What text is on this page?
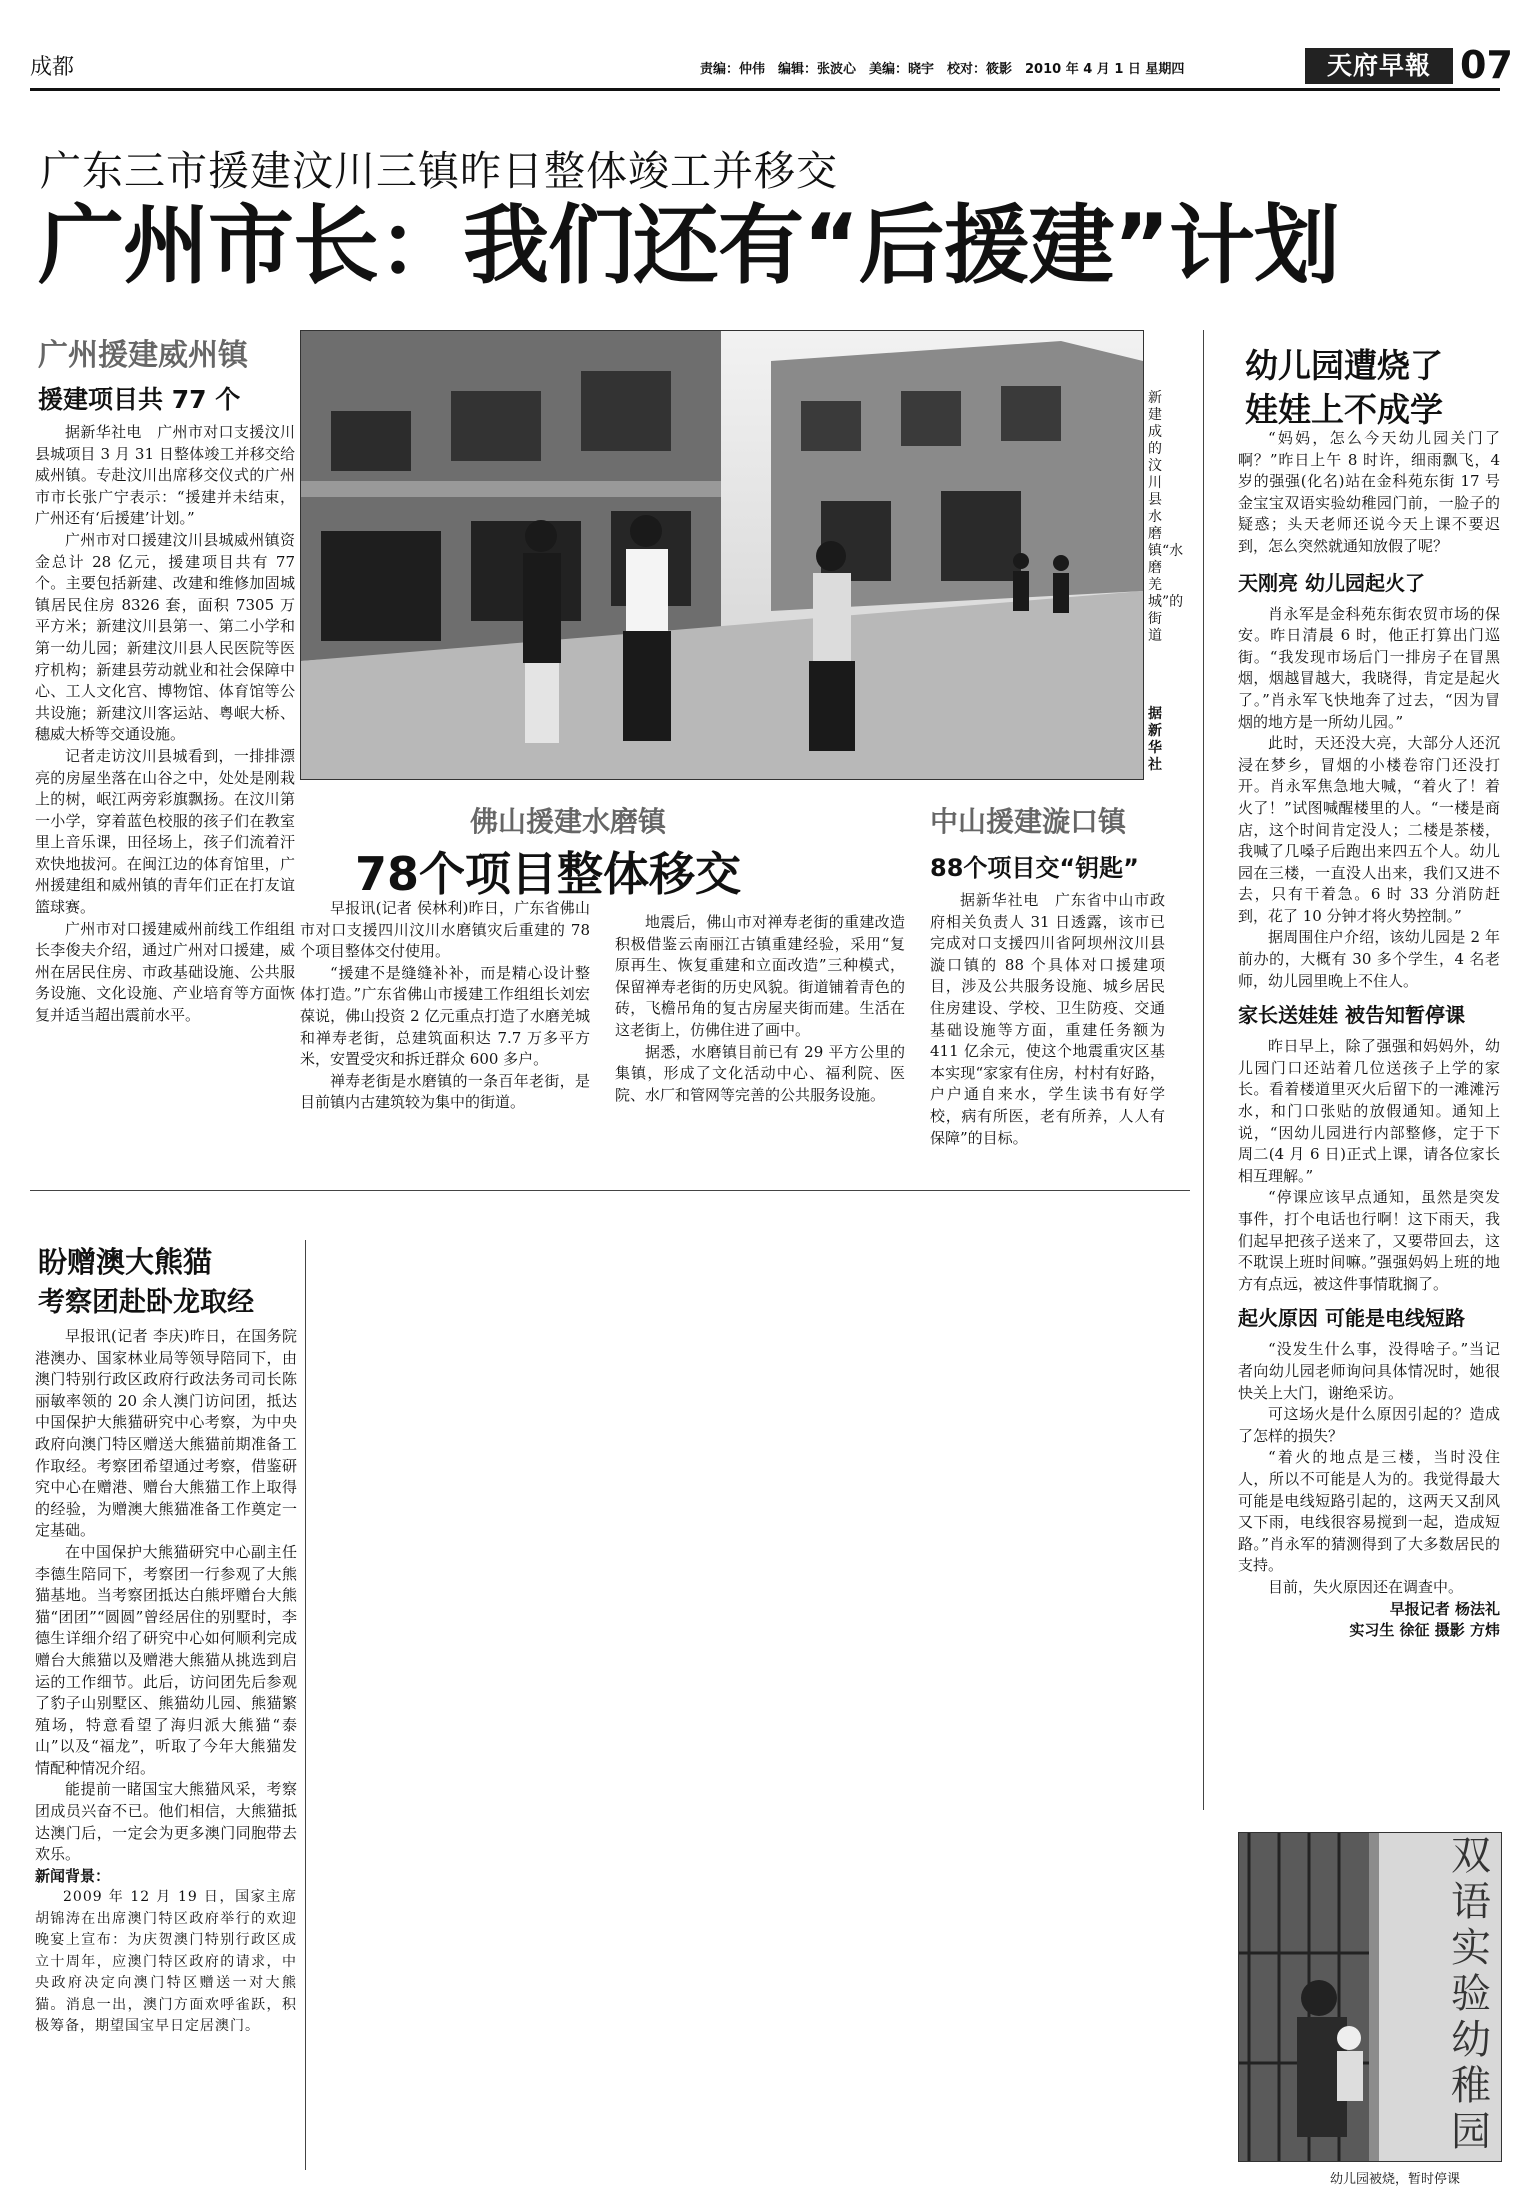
成都	责编：仲伟　编辑：张波心　美编：晓宇　校对：筱影　2010 年 4 月 1 日 星期四	天府早報 07
广东三市援建汶川三镇昨日整体竣工并移交
广州市长：我们还有“后援建”计划
广州援建威州镇
援建项目共 77 个

据新华社电　广州市对口支援汶川县城项目 3 月 31 日整体竣工并移交给威州镇。专赴汶川出席移交仪式的广州市市长张广宁表示：“援建并未结束，广州还有‘后援建’计划。”

广州市对口援建汶川县城威州镇资金总计 28 亿元，援建项目共有 77 个。主要包括新建、改建和维修加固城镇居民住房 8326 套，面积 7305 万平方米；新建汶川县第一、第二小学和第一幼儿园；新建汶川县人民医院等医疗机构；新建县劳动就业和社会保障中心、工人文化宫、博物馆、体育馆等公共设施；新建汶川客运站、粤岷大桥、穗威大桥等交通设施。

记者走访汶川县城看到，一排排漂亮的房屋坐落在山谷之中，处处是刚栽上的树，岷江两旁彩旗飘扬。在汶川第一小学，穿着蓝色校服的孩子们在教室里上音乐课，田径场上，孩子们流着汗欢快地拔河。在闽江边的体育馆里，广州援建组和威州镇的青年们正在打友谊篮球赛。

广州市对口援建威州前线工作组组长李俊夫介绍，通过广州对口援建，威州在居民住房、市政基础设施、公共服务设施、文化设施、产业培育等方面恢复并适当超出震前水平。

新建成的汶川县水磨镇“水磨羌城”的街道
据新华社
佛山援建水磨镇
78个项目整体移交

早报讯(记者 侯林利)昨日，广东省佛山市对口支援四川汶川水磨镇灾后重建的 78 个项目整体交付使用。

“援建不是缝缝补补，而是精心设计整体打造。”广东省佛山市援建工作组组长刘宏葆说，佛山投资 2 亿元重点打造了水磨羌城和禅寿老街，总建筑面积达 7.7 万多平方米，安置受灾和拆迁群众 600 多户。

禅寿老街是水磨镇的一条百年老街，是目前镇内古建筑较为集中的街道。

地震后，佛山市对禅寿老街的重建改造积极借鉴云南丽江古镇重建经验，采用“复原再生、恢复重建和立面改造”三种模式，保留禅寿老街的历史风貌。街道铺着青色的砖，飞檐吊角的复古房屋夹街而建。生活在这老街上，仿佛住进了画中。

据悉，水磨镇目前已有 29 平方公里的集镇，形成了文化活动中心、福利院、医院、水厂和管网等完善的公共服务设施。

中山援建漩口镇
88个项目交“钥匙”

据新华社电　广东省中山市政府相关负责人 31 日透露，该市已完成对口支援四川省阿坝州汶川县漩口镇的 88 个具体对口援建项目，涉及公共服务设施、城乡居民住房建设、学校、卫生防疫、交通基础设施等方面，重建任务额为 411 亿余元，使这个地震重灾区基本实现“家家有住房，村村有好路，户户通自来水，学生读书有好学校，病有所医，老有所养，人人有保障”的目标。

盼赠澳大熊猫
考察团赴卧龙取经

早报讯(记者 李庆)昨日，在国务院港澳办、国家林业局等领导陪同下，由澳门特别行政区政府行政法务司司长陈丽敏率领的 20 余人澳门访问团，抵达中国保护大熊猫研究中心考察，为中央政府向澳门特区赠送大熊猫前期准备工作取经。考察团希望通过考察，借鉴研究中心在赠港、赠台大熊猫工作上取得的经验，为赠澳大熊猫准备工作奠定一定基础。

在中国保护大熊猫研究中心副主任李德生陪同下，考察团一行参观了大熊猫基地。当考察团抵达白熊坪赠台大熊猫“团团”“圆圆”曾经居住的别墅时，李德生详细介绍了研究中心如何顺利完成赠台大熊猫以及赠港大熊猫从挑选到启运的工作细节。此后，访问团先后参观了豹子山别墅区、熊猫幼儿园、熊猫繁殖场，特意看望了海归派大熊猫“泰山”以及“福龙”，听取了今年大熊猫发情配种情况介绍。

能提前一睹国宝大熊猫风采，考察团成员兴奋不已。他们相信，大熊猫抵达澳门后，一定会为更多澳门同胞带去欢乐。

新闻背景：

2009 年 12 月 19 日，国家主席胡锦涛在出席澳门特区政府举行的欢迎晚宴上宣布：为庆贺澳门特别行政区成立十周年，应澳门特区政府的请求，中央政府决定向澳门特区赠送一对大熊猫。消息一出，澳门方面欢呼雀跃，积极筹备，期望国宝早日定居澳门。

幼儿园遭烧了
娃娃上不成学

“妈妈，怎么今天幼儿园关门了啊？”昨日上午 8 时许，细雨飘飞，4 岁的强强(化名)站在金科苑东街 17 号金宝宝双语实验幼稚园门前，一脸子的疑惑；头天老师还说今天上课不要迟到，怎么突然就通知放假了呢？

天刚亮 幼儿园起火了

肖永军是金科苑东街农贸市场的保安。昨日清晨 6 时，他正打算出门巡街。“我发现市场后门一排房子在冒黑烟，烟越冒越大，我晓得，肯定是起火了。”肖永军飞快地奔了过去，“因为冒烟的地方是一所幼儿园。”

此时，天还没大亮，大部分人还沉浸在梦乡，冒烟的小楼卷帘门还没打开。肖永军焦急地大喊，“着火了！着火了！”试图喊醒楼里的人。“一楼是商店，这个时间肯定没人；二楼是茶楼，我喊了几嗓子后跑出来四五个人。幼儿园在三楼，一直没人出来，我们又进不去，只有干着急。6 时 33 分消防赶到，花了 10 分钟才将火势控制。”

据周围住户介绍，该幼儿园是 2 年前办的，大概有 30 多个学生，4 名老师，幼儿园里晚上不住人。

家长送娃娃 被告知暂停课

昨日早上，除了强强和妈妈外，幼儿园门口还站着几位送孩子上学的家长。看着楼道里灭火后留下的一滩滩污水，和门口张贴的放假通知。通知上说，“因幼儿园进行内部整修，定于下周二(4 月 6 日)正式上课，请各位家长相互理解。”

“停课应该早点通知，虽然是突发事件，打个电话也行啊！这下雨天，我们起早把孩子送来了，又要带回去，这不耽误上班时间嘛。”强强妈妈上班的地方有点远，被这件事情耽搁了。

起火原因 可能是电线短路

“没发生什么事，没得啥子。”当记者向幼儿园老师询问具体情况时，她很快关上大门，谢绝采访。

可这场火是什么原因引起的？造成了怎样的损失？

“着火的地点是三楼，当时没住人，所以不可能是人为的。我觉得最大可能是电线短路引起的，这两天又刮风又下雨，电线很容易搅到一起，造成短路。”肖永军的猜测得到了大多数居民的支持。

目前，失火原因还在调查中。

早报记者 杨法礼

实习生 徐征 摄影 方炜

双语实验幼稚园
幼儿园被烧，暂时停课
